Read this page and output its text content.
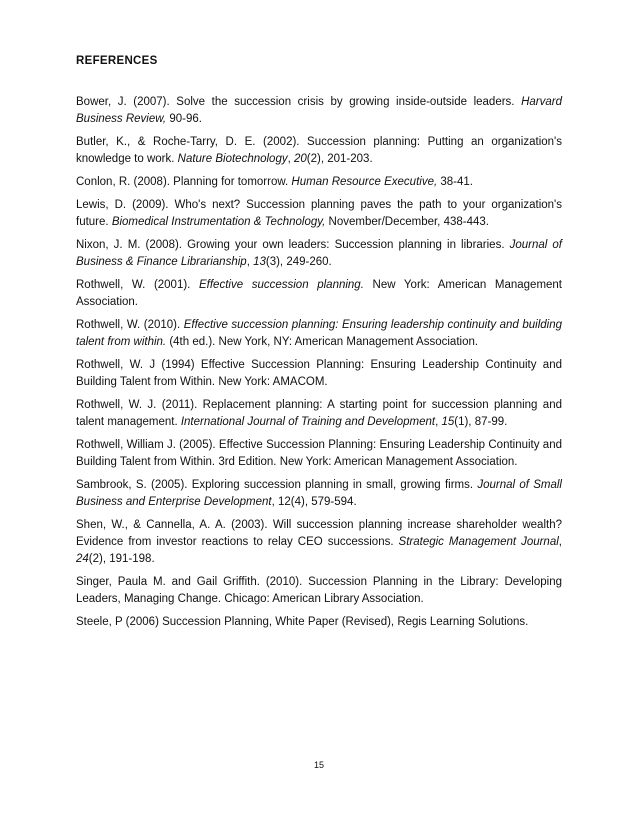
REFERENCES

Bower, J. (2007). Solve the succession crisis by growing inside-outside leaders. Harvard Business Review, 90-96.

Butler, K., & Roche-Tarry, D. E. (2002). Succession planning: Putting an organization's knowledge to work. Nature Biotechnology, 20(2), 201-203.

Conlon, R. (2008). Planning for tomorrow. Human Resource Executive, 38-41.

Lewis, D. (2009). Who's next? Succession planning paves the path to your organization's future. Biomedical Instrumentation & Technology, November/December, 438-443.

Nixon, J. M. (2008). Growing your own leaders: Succession planning in libraries. Journal of Business & Finance Librarianship, 13(3), 249-260.

Rothwell, W. (2001). Effective succession planning. New York: American Management Association.

Rothwell, W. (2010). Effective succession planning: Ensuring leadership continuity and building talent from within. (4th ed.). New York, NY: American Management Association.

Rothwell, W. J (1994) Effective Succession Planning: Ensuring Leadership Continuity and Building Talent from Within. New York: AMACOM.

Rothwell, W. J. (2011). Replacement planning: A starting point for succession planning and talent management. International Journal of Training and Development, 15(1), 87-99.

Rothwell, William J. (2005). Effective Succession Planning: Ensuring Leadership Continuity and Building Talent from Within. 3rd Edition. New York: American Management Association.

Sambrook, S. (2005). Exploring succession planning in small, growing firms. Journal of Small Business and Enterprise Development, 12(4), 579-594.

Shen, W., & Cannella, A. A. (2003). Will succession planning increase shareholder wealth? Evidence from investor reactions to relay CEO successions. Strategic Management Journal, 24(2), 191-198.

Singer, Paula M. and Gail Griffith. (2010). Succession Planning in the Library: Developing Leaders, Managing Change. Chicago: American Library Association.

Steele, P (2006) Succession Planning, White Paper (Revised), Regis Learning Solutions.

15
